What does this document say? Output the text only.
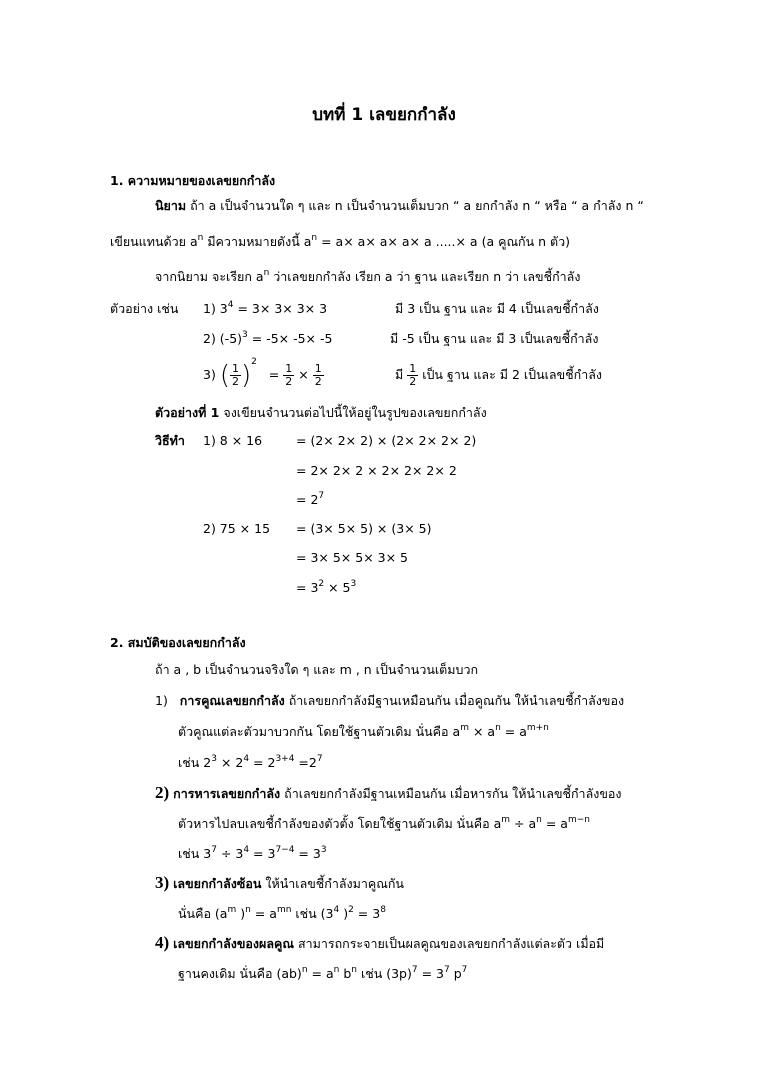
บทที่ 1 เลขยกกำลัง
1. ความหมายของเลขยกกำลัง
นิยาม ถ้า a เป็นจำนวนใด ๆ และ n เป็นจำนวนเต็มบวก “ a ยกกำลัง n “ หรือ “ a กำลัง n “
เขียนแทนด้วย $a^n$ มีความหมายดังนี้ $a^n = a\times a\times a\times a\times a$ .....× a (a คูณกัน n ตัว)
จากนิยาม จะเรียก $a^n$ ว่าเลขยกกำลัง เรียก a ว่า ฐาน และเรียก n ว่า เลขชี้กำลัง
ตัวอย่าง เช่น 1) $3^4 = 3\times 3\times 3\times 3$	มี 3 เป็น ฐาน และ มี 4 เป็นเลขชี้กำลัง
2) $(-5)^3 = -5\times -5\times -5$	มี -5 เป็น ฐาน และ มี 3 เป็นเลขชี้กำลัง
3) ( $\frac{1}{2} )^2 = \frac{1}{2} \times \frac{1}{2}$	มี $\frac{1}{2}$ เป็น ฐาน และ มี 2 เป็นเลขชี้กำลัง
ตัวอย่างที่ 1 จงเขียนจำนวนต่อไปนี้ให้อยู่ในรูปของเลขยกกำลัง
วิธีทำ 1) 8 × 16	= (2× 2× 2) × (2× 2× 2× 2)
= 2× 2× 2 × 2× 2× 2× 2
= $2^7$
2) 75 × 15 = (3× 5× 5) × (3× 5)
= 3× 5× 5× 3× 5
= $3^2 \times 5^3$
2. สมบัติของเลขยกกำลัง
ถ้า a , b เป็นจำนวนจริงใด ๆ และ m , n เป็นจำนวนเต็มบวก
1) การคูณเลขยกกำลัง ถ้าเลขยกกำลังมีฐานเหมือนกัน เมื่อคูณกัน ให้นำเลขชี้กำลังของ
ตัวคูณแต่ละตัวมาบวกกัน โดยใช้ฐานตัวเดิม นั่นคือ $a^m \times a^n = a^{m+n}$
เช่น $2^3 \times 2^4 = 2^{3+4} =2^7$
2) การหารเลขยกกำลัง ถ้าเลขยกกำลังมีฐานเหมือนกัน เมื่อหารกัน ให้นำเลขชี้กำลังของ
ตัวหารไปลบเลขชี้กำลังของตัวตั้ง โดยใช้ฐานตัวเดิม นั่นคือ $a^m \div a^n = a^{m-n}$
เช่น $3^7 \div 3^4 = 3^{7-4} = 3^3$
3) เลขยกกำลังซ้อน ให้นำเลขชี้กำลังมาคูณกัน
นั่นคือ ($a^m$ )$^n = a^{mn}$ เช่น ($3^4$ )$^2 = 3^8$
4) เลขยกกำลังของผลคูณ สามารถกระจายเป็นผลคูณของเลขยกกำลังแต่ละตัว เมื่อมี
ฐานคงเดิม นั่นคือ $(ab)^n = a^n$ $b^n$ เช่น $(3p)^7 = 3^7$ $p^7$
